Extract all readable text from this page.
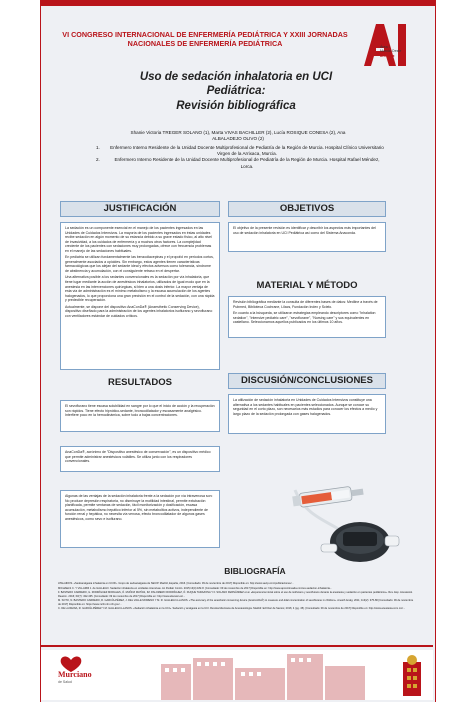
VI CONGRESO INTERNACIONAL DE ENFERMERÍA PEDIÁTRICA Y XXIII JORNADAS NACIONALES DE ENFERMERÍA PEDIÁTRICA	Área I
Murcia Oeste
Arrixaca
Uso de sedación inhalatoria en UCI
Pediátrica:
Revisión bibliográfica
Shanie Victoria TREGER SOLANO (1), Marta VIVAS BACHILLER (2), Lucía ROSIQUE CONESA (2), Ana
ALBALADEJO OLIVO (2)
1.	Enfermero Interno Residente de la Unidad Docente Multiprofesional de Pediatría de la Región de Murcia. Hospital Clínico Universitario Virgen de la Arrixaca, Murcia.
2.	Enfermero Interno Residente de la Unidad Docente Multiprofesional de Pediatría de la Región de Murcia. Hospital Rafael Méndez, Lorca.
JUSTIFICACIÓN

La sedación es un componente esencial en el manejo de los pacientes ingresados en las Unidades de Cuidados Intensivos. La mayoría de los pacientes ingresados en éstas unidades recibe sedación en algún momento de su estancia debido a su grave estado físico, al alto nivel de invasividad, a los cuidados de enfermería y a muchos otros factores. La complejidad creciente de los pacientes con sedaciones muy prolongadas, ofrece con frecuencia problemas en el manejo de las sedaciones habituales.

En pediatría se utilizan fundamentalmente las benzodiacepinas y el propofol en periodos cortos, generalmente asociados a opioides. Sin embargo, estos agentes tienen características farmacológicas que los alejan del sedante ideal y efectos adversos como tolerancia, síndrome de abstinencia y acumulación, con el consiguiente retraso en el despertar.

Una alternativa posible a los sedantes convencionales es la sedación por vía inhalatoria, que tiene lugar mediante la acción de anestésicos inhalatorios, utilizados de igual modo que en la anestesia en las intervenciones quirúrgicas, si bien a una dosis inferior. La mayor ventaja de esta vía de administración es el mínimo metabolismo y la escasa acumulación de los agentes halogenados, lo que proporciona una gran precisión en el control de la sedación, con una rápida y predecible recuperación.

Actualmente, se dispone del dispositivo AnaConDa® (Anaesthetic Conserving Device), dispositivo diseñado para la administración de los agentes inhalatorios isoflurano y sevoflurano con ventiladores estándar de cuidados críticos.

OBJETIVOS

El objetivo de la presente revisión es identificar y describir los aspectos más importantes del uso de sedación inhalatoria en UCI Pediátrica así como del Sistema Anaconda.

MATERIAL Y MÉTODO

Revisión bibliográfica mediante la consulta de diferentes bases de datos: Medline a través de Pubmed, Biblioteca Cochrane, Lilacs, Fundación Index y Scielo.

En cuanto a la búsqueda, se utilizaron estrategias empleando descriptores como "inhalation sedation", "intensive pediatric care", "sevoflurane", "Nursing care" y sus equivalentes en castellano. Seleccionamos aquellos publicados en los últimos 10 años.

RESULTADOS

El sevoflurano tiene escasa solubilidad en sangre por lo que el inicio de acción y la recuperación son rápidos. Tiene efecto hipnótico-sedante, broncodilatador y escasamente analgésico. Interfiere poco en la hemodinámica, sobre todo a bajas concentraciones.

AnaConDa®, acrónimo de "Dispositivo anestésico de conservación", es un dispositivo médico que permite administrar anestésicos volátiles. Se utiliza junto con los respiradores convencionales.

Algunas de las ventajas de la sedación inhalatoria frente a la sedación por vía intravenosa son: No produce depresión respiratoria, no disminuye la motilidad intestinal, permite extubación planificada, permite ventanas de sedación, fácil monitorización y dosificación, escasa acumulación, metabolismo hepático inferior al 5%, sin metabolitos activos, independiente de función renal y hepática, no necesita vía venosa, efecto broncodilatador de algunos gases anestésicos, como sevo e isoflurano.

DISCUSIÓN/CONCLUSIONES

La utilización de sedación inhalatoria en Unidades de Cuidados Intensivos constituye una alternativa a los sedantes habituales en pacientes seleccionados. Aunque se conoce su seguridad en el corto plazo, son necesarios más estudios para conocer los efectos a medio y largo plazo de la sedación prolongada con gases halogenados.

BIBLIOGRAFÍA

ATALAIDOS. «Sedoanalgesia inhalatoria en UCIP». Grupo de sedoanalgesia de SECIP. Madrid, España, 2016. [Consultado: 09 de noviembre de 2017] Disponible en: http://www.secip.com/publicaciones/...

MICHAELS C. Y VILLARDI J. de GALLEGO. Sedación inhalatoria en unidades intensivas. An Pediatr Contin. 2015;13(4):182-8. [Consultado: 09 de noviembre de 2017] Disponible en: http://www.apcontinuada.com/es-sedacion-inhalatoria...

F. BASTERO CARRERO, G. RODRÍGUEZ MORALES, Ó. MUÑOZ MATÍAS, IM. PALOMERO RODRÍGUEZ, Ó. DUQUE TARAZONA Y F. SOLANO FERNÁNDEZ et al. «Experiencia inicial sobre el uso de isoflurano y sevoflurano durante la anestesia y sedación en pacientes pediátricos». Rev. Esp. Anestesiol. Reanim. 2016; 63(7): 432-435. [Consultado: 09 de noviembre de 2017] Disponible en: http://www.elsevier.es/...

M. SOTO, N. BASTERO CARRERO, R. GARCÍA-PÉREZ, J. DEL VALLE MORENO Y M. R. GALLEGO-LLANOS. «The accuracy of the anesthetic conserving device (AnaConDa®) to measure end-tidal concentration of sevoflurane in children». Anesth Analg. 2011; 113(2): 375-80 [Consultado: 09 de noviembre de 2017] Disponible en: https://www.ncbi.nlm.nih.gov/...

C. DE LA REINA, R. GARCÍA-PÉREZ Y M. GALLEGO-LLANOS. «Sedación inhalatoria en la UCI». Sedación y analgesia en la UCI. Revista Mexicana de Anestesiología. Madrid: Ed Díaz de Santos; 2016; 4 (pg. 45). [Consultado: 09 de noviembre de 2017] Disponible en: http://www.anestesia.com.mx/...

Servicio
Murciano
de Salud
